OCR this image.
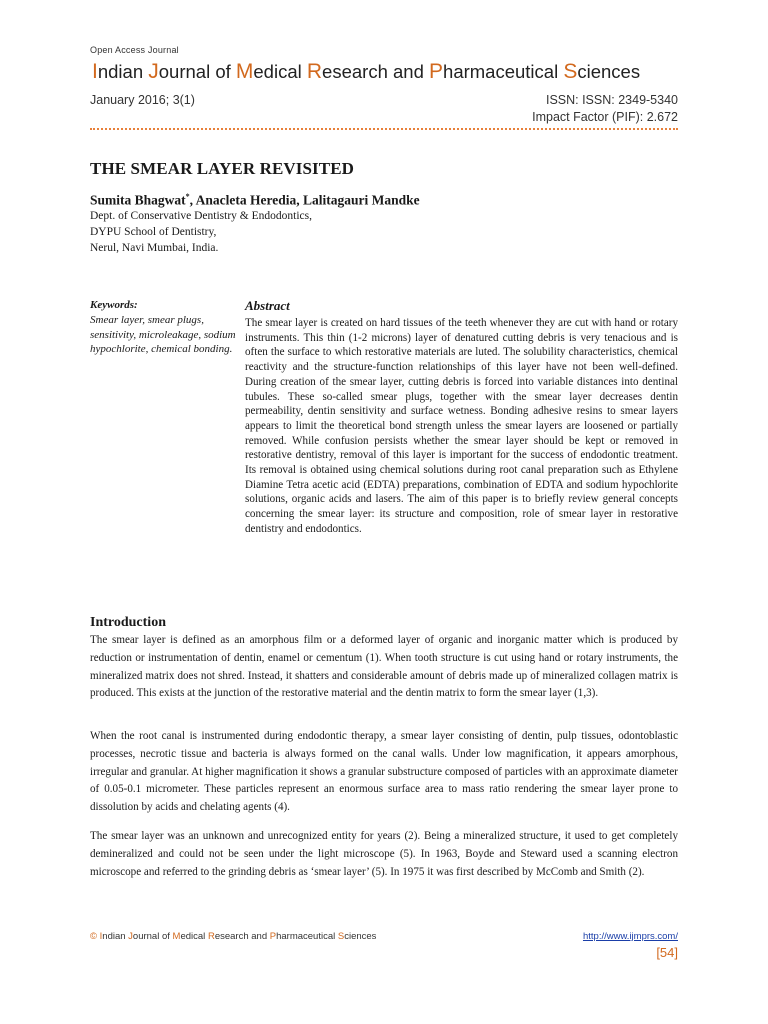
Open Access Journal
Indian Journal of Medical Research and Pharmaceutical Sciences
January 2016; 3(1)	ISSN: ISSN: 2349-5340
Impact Factor (PIF): 2.672
THE SMEAR LAYER REVISITED
Sumita Bhagwat*, Anacleta Heredia, Lalitagauri Mandke
Dept. of Conservative Dentistry & Endodontics,
DYPU School of Dentistry,
Nerul, Navi Mumbai, India.
Keywords:
Smear layer, smear plugs, sensitivity, microleakage, sodium hypochlorite, chemical bonding.
Abstract
The smear layer is created on hard tissues of the teeth whenever they are cut with hand or rotary instruments. This thin (1-2 microns) layer of denatured cutting debris is very tenacious and is often the surface to which restorative materials are luted. The solubility characteristics, chemical reactivity and the structure-function relationships of this layer have not been well-defined. During creation of the smear layer, cutting debris is forced into variable distances into dentinal tubules. These so-called smear plugs, together with the smear layer decreases dentin permeability, dentin sensitivity and surface wetness. Bonding adhesive resins to smear layers appears to limit the theoretical bond strength unless the smear layers are loosened or partially removed. While confusion persists whether the smear layer should be kept or removed in restorative dentistry, removal of this layer is important for the success of endodontic treatment. Its removal is obtained using chemical solutions during root canal preparation such as Ethylene Diamine Tetra acetic acid (EDTA) preparations, combination of EDTA and sodium hypochlorite solutions, organic acids and lasers. The aim of this paper is to briefly review general concepts concerning the smear layer: its structure and composition, role of smear layer in restorative dentistry and endodontics.
Introduction
The smear layer is defined as an amorphous film or a deformed layer of organic and inorganic matter which is produced by reduction or instrumentation of dentin, enamel or cementum (1). When tooth structure is cut using hand or rotary instruments, the mineralized matrix does not shred. Instead, it shatters and considerable amount of debris made up of mineralized collagen matrix is produced. This exists at the junction of the restorative material and the dentin matrix to form the smear layer (1,3).
When the root canal is instrumented during endodontic therapy, a smear layer consisting of dentin, pulp tissues, odontoblastic processes, necrotic tissue and bacteria is always formed on the canal walls. Under low magnification, it appears amorphous, irregular and granular. At higher magnification it shows a granular substructure composed of particles with an approximate diameter of 0.05-0.1 micrometer. These particles represent an enormous surface area to mass ratio rendering the smear layer prone to dissolution by acids and chelating agents (4).
The smear layer was an unknown and unrecognized entity for years (2). Being a mineralized structure, it used to get completely demineralized and could not be seen under the light microscope (5). In 1963, Boyde and Steward used a scanning electron microscope and referred to the grinding debris as ‘smear layer’ (5). In 1975 it was first described by McComb and Smith (2).
© Indian Journal of Medical Research and Pharmaceutical Sciences	http://www.ijmprs.com/
[54]
